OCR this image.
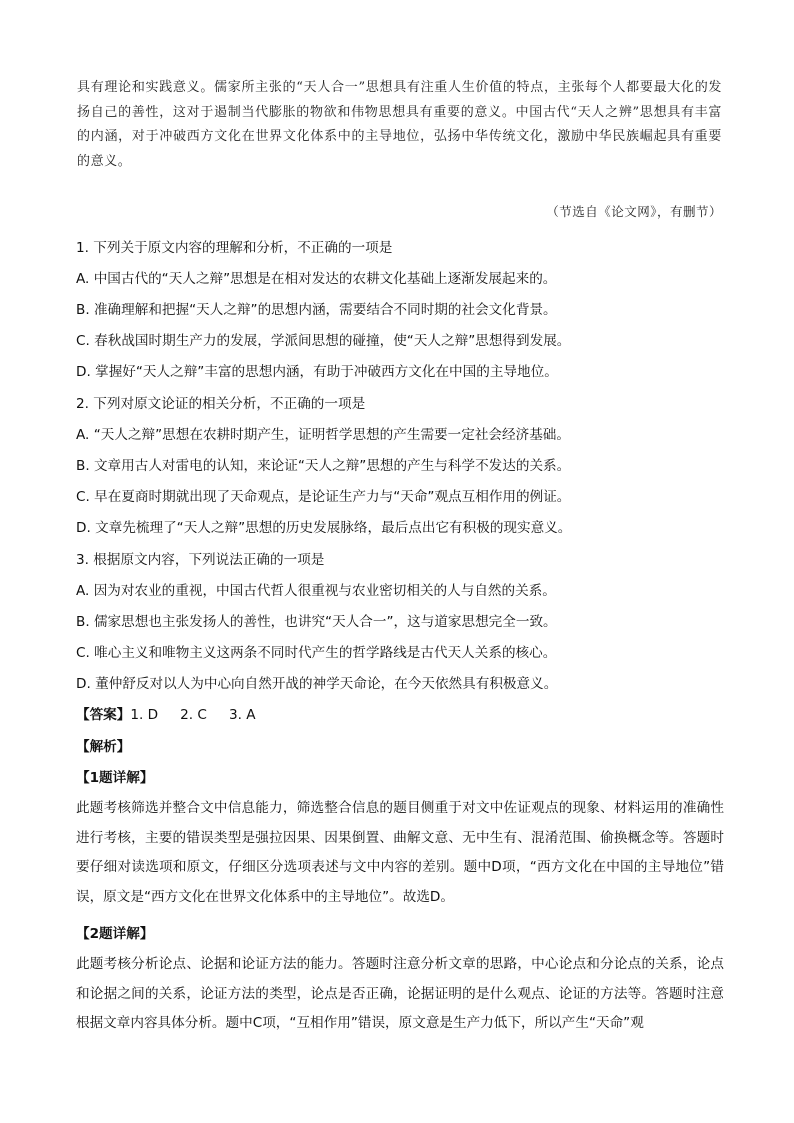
具有理论和实践意义。儒家所主张的“天人合一”思想具有注重人生价值的特点，主张每个人都要最大化的发扬自己的善性，这对于遏制当代膨胀的物欲和伟物思想具有重要的意义。中国古代“天人之辨”思想具有丰富的内涵，对于冲破西方文化在世界文化体系中的主导地位，弘扬中华传统文化，激励中华民族崛起具有重要的意义。
（节选自《论文网》，有删节）
1. 下列关于原文内容的理解和分析，不正确的一项是
A. 中国古代的“天人之辩”思想是在相对发达的农耕文化基础上逐渐发展起来的。
B. 准确理解和把握“天人之辩”的思想内涵，需要结合不同时期的社会文化背景。
C. 春秋战国时期生产力的发展，学派间思想的碰撞，使“天人之辩”思想得到发展。
D. 掌握好“天人之辩”丰富的思想内涵，有助于冲破西方文化在中国的主导地位。
2. 下列对原文论证的相关分析，不正确的一项是
A. “天人之辩”思想在农耕时期产生，证明哲学思想的产生需要一定社会经济基础。
B. 文章用古人对雷电的认知，来论证“天人之辩”思想的产生与科学不发达的关系。
C. 早在夏商时期就出现了天命观点，是论证生产力与“天命”观点互相作用的例证。
D. 文章先梳理了“天人之辩”思想的历史发展脉络，最后点出它有积极的现实意义。
3. 根据原文内容，下列说法正确的一项是
A. 因为对农业的重视，中国古代哲人很重视与农业密切相关的人与自然的关系。
B. 儒家思想也主张发扬人的善性，也讲究“天人合一”，这与道家思想完全一致。
C. 唯心主义和唯物主义这两条不同时代产生的哲学路线是古代天人关系的核心。
D. 董仲舒反对以人为中心向自然开战的神学天命论，在今天依然具有积极意义。
【答案】1. D 2. C 3. A
【解析】
【1题详解】
此题考核筛选并整合文中信息能力，筛选整合信息的题目侧重于对文中佐证观点的现象、材料运用的准确性进行考核，主要的错误类型是强拉因果、因果倒置、曲解文意、无中生有、混淆范围、偷换概念等。答题时要仔细对读选项和原文，仔细区分选项表述与文中内容的差别。题中D项，“西方文化在中国的主导地位”错误，原文是“西方文化在世界文化体系中的主导地位”。故选D。
【2题详解】
此题考核分析论点、论据和论证方法的能力。答题时注意分析文章的思路，中心论点和分论点的关系，论点和论据之间的关系，论证方法的类型，论点是否正确，论据证明的是什么观点、论证的方法等。答题时注意根据文章内容具体分析。题中C项，“互相作用”错误，原文意是生产力低下，所以产生“天命”观
